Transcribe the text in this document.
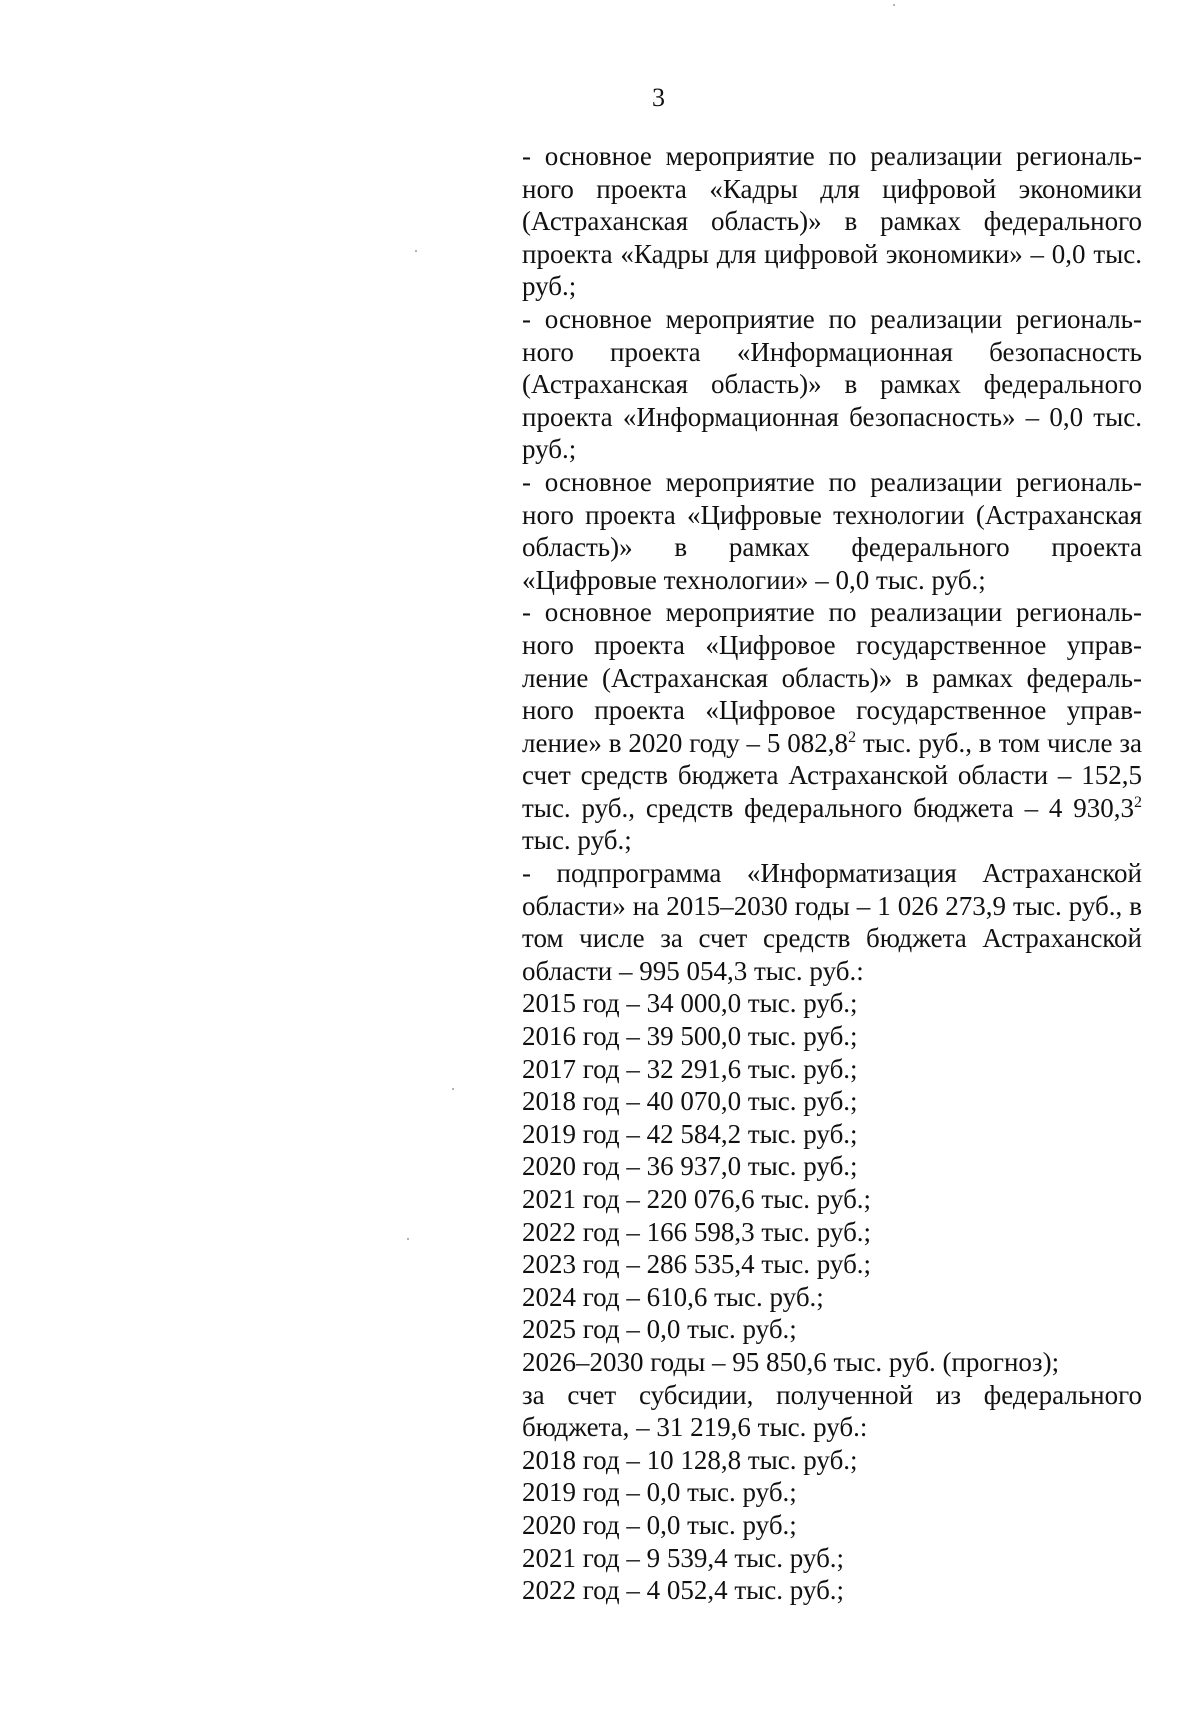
3

- основное мероприятие по реализации регионального проекта «Кадры для цифровой экономики (Астраханская область)» в рамках федерального проекта «Кадры для цифровой экономики» – 0,0 тыс. руб.;

- основное мероприятие по реализации регионального проекта «Информационная безопасность (Астраханская область)» в рамках федерального проекта «Информационная безопасность» – 0,0 тыс. руб.;

- основное мероприятие по реализации регионального проекта «Цифровые технологии (Астраханская область)» в рамках федерального проекта «Цифровые технологии» – 0,0 тыс. руб.;

- основное мероприятие по реализации регионального проекта «Цифровое государственное управление (Астраханская область)» в рамках федерального проекта «Цифровое государственное управление» в 2020 году – 5 082,8$^2$ тыс. руб., в том числе за счет средств бюджета Астраханской области – 152,5 тыс. руб., средств федерального бюджета – 4 930,3$^2$ тыс. руб.;

- подпрограмма «Информатизация Астраханской области» на 2015–2030 годы – 1 026 273,9 тыс. руб., в том числе за счет средств бюджета Астраханской области – 995 054,3 тыс. руб.:

2015 год – 34 000,0 тыс. руб.;

2016 год – 39 500,0 тыс. руб.;

2017 год – 32 291,6 тыс. руб.;

2018 год – 40 070,0 тыс. руб.;

2019 год – 42 584,2 тыс. руб.;

2020 год – 36 937,0 тыс. руб.;

2021 год – 220 076,6 тыс. руб.;

2022 год – 166 598,3 тыс. руб.;

2023 год – 286 535,4 тыс. руб.;

2024 год – 610,6 тыс. руб.;

2025 год – 0,0 тыс. руб.;

2026–2030 годы – 95 850,6 тыс. руб. (прогноз);

за счет субсидии, полученной из федерального бюджета, – 31 219,6 тыс. руб.:

2018 год – 10 128,8 тыс. руб.;

2019 год – 0,0 тыс. руб.;

2020 год – 0,0 тыс. руб.;

2021 год – 9 539,4 тыс. руб.;

2022 год – 4 052,4 тыс. руб.;
